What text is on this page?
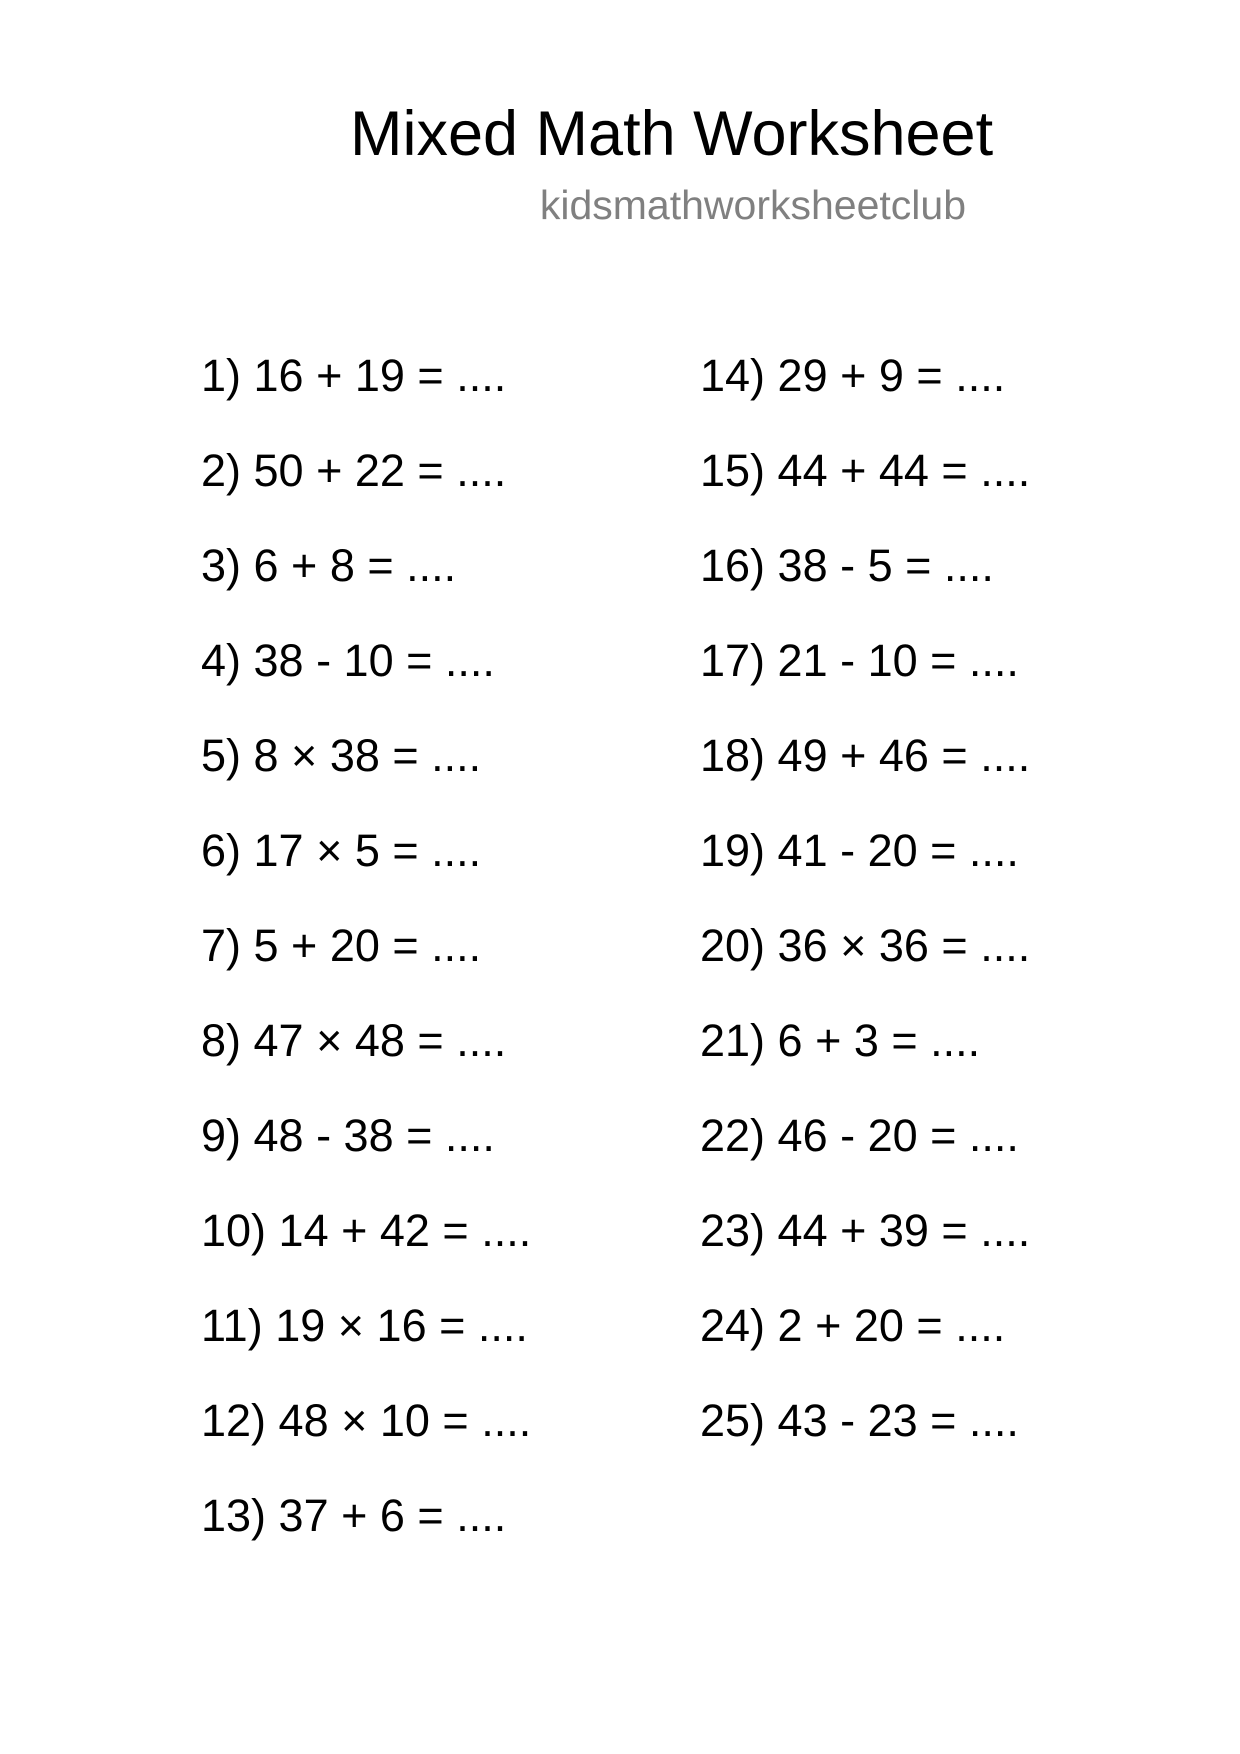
Mixed Math Worksheet
kidsmathworksheetclub
1) 16 + 19 = ....
2) 50 + 22 = ....
3) 6 + 8 = ....
4) 38 - 10 = ....
5) 8 × 38 = ....
6) 17 × 5 = ....
7) 5 + 20 = ....
8) 47 × 48 = ....
9) 48 - 38 = ....
10) 14 + 42 = ....
11) 19 × 16 = ....
12) 48 × 10 = ....
13) 37 + 6 = ....
14) 29 + 9 = ....
15) 44 + 44 = ....
16) 38 - 5 = ....
17) 21 - 10 = ....
18) 49 + 46 = ....
19) 41 - 20 = ....
20) 36 × 36 = ....
21) 6 + 3 = ....
22) 46 - 20 = ....
23) 44 + 39 = ....
24) 2 + 20 = ....
25) 43 - 23 = ....
